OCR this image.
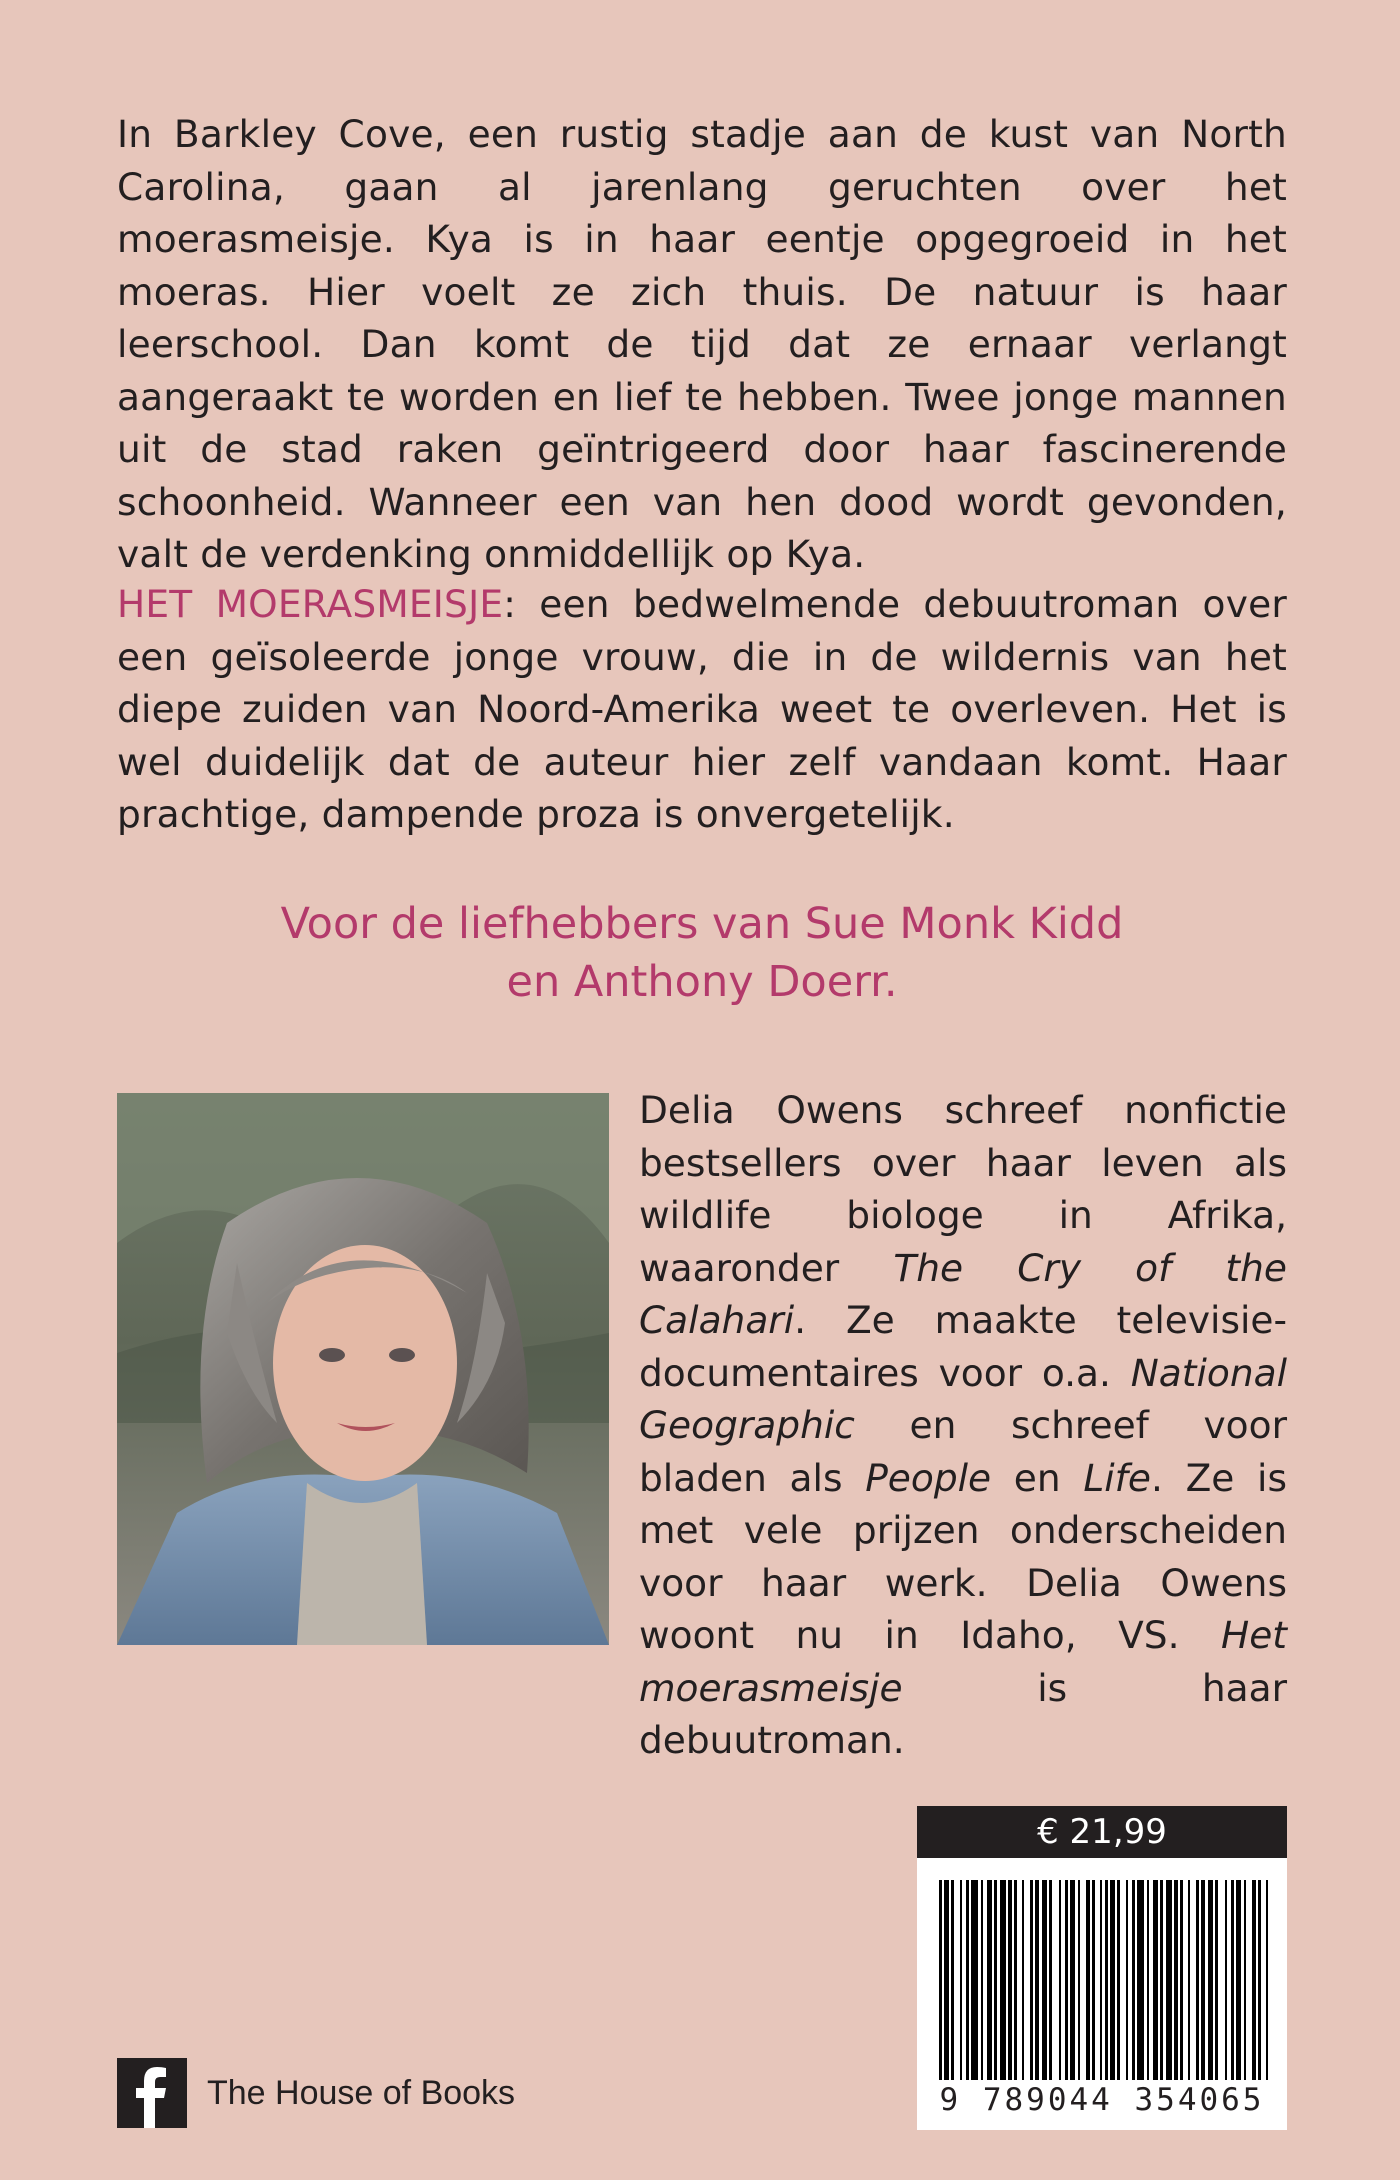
In Barkley Cove, een rustig stadje aan de kust van North Carolina, gaan al jarenlang geruchten over het moerasmeisje. Kya is in haar eentje opgegroeid in het moeras. Hier voelt ze zich thuis. De natuur is haar leerschool. Dan komt de tijd dat ze ernaar verlangt aangeraakt te worden en lief te hebben. Twee jonge mannen uit de stad raken geïntrigeerd door haar fascinerende schoonheid. Wanneer een van hen dood wordt gevonden, valt de verdenking onmiddellijk op Kya.
HET MOERASMEISJE: een bedwelmende debuutroman over een geïsoleerde jonge vrouw, die in de wildernis van het diepe zuiden van Noord-Amerika weet te overleven. Het is wel duidelijk dat de auteur hier zelf vandaan komt. Haar prachtige, dampende proza is onvergetelijk.
Voor de liefhebbers van Sue Monk Kidd
en Anthony Doerr.
Delia Owens schreef nonfictie bestsellers over haar leven als wildlife biologe in Afrika, waaronder The Cry of the Calahari. Ze maakte televisie-documentaires voor o.a. National Geographic en schreef voor bladen als People en Life. Ze is met vele prijzen onderscheiden voor haar werk. Delia Owens woont nu in Idaho, VS. Het moerasmeisje is haar debuutroman.
€ 21,99
9 789044 354065
The House of Books
